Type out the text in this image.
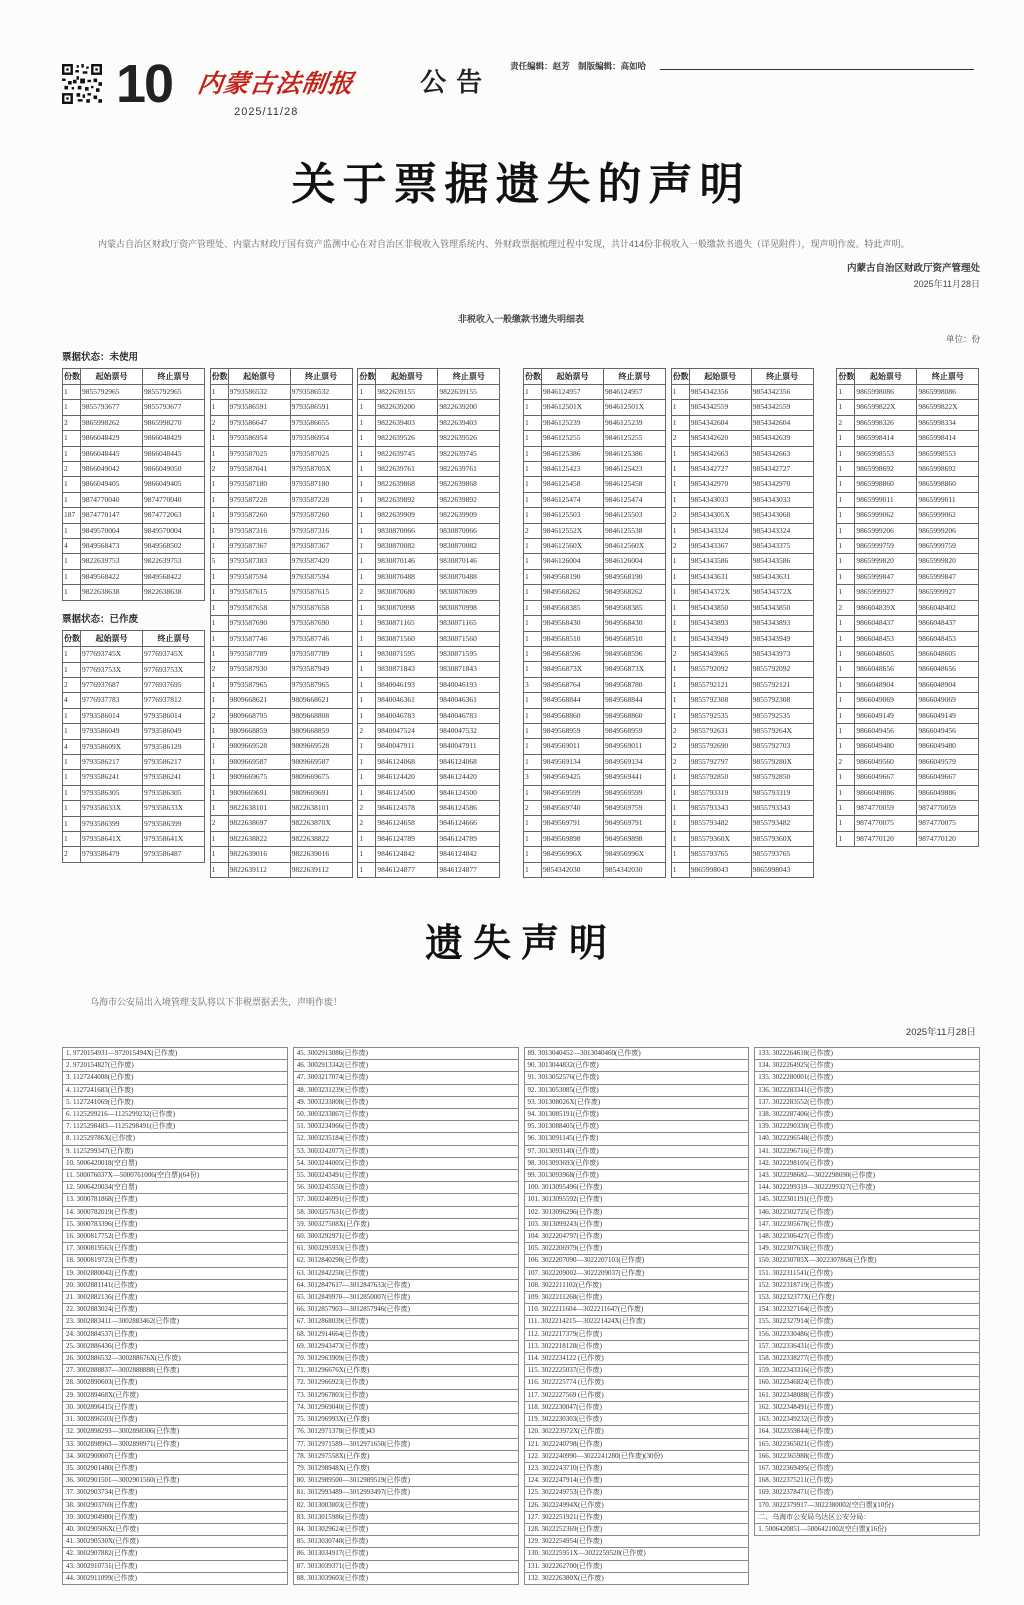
10 内蒙古法制报
2025/11/28
公告
责任编辑：赵芳　制版编辑：高如哈
关于票据遗失的声明
内蒙古自治区财政厅资产管理处、内蒙古财政厅国有资产监测中心在对自治区非税收入管理系统内、外财政票据梳理过程中发现，共计414份非税收入一般缴款书遗失（详见附件），现声明作废。特此声明。
内蒙古自治区财政厅资产管理处
2025年11月28日
非税收入一般缴款书遗失明细表
单位：份
票据状态：未使用
份数	起始票号	终止票号
1	9855792965	9855792965
1	9855793677	9855793677
2	9865998262	9865998270
1	9866048429	9866048429
1	9866048445	9866048445
2	9866049042	9866049050
1	9866049405	9866049405
1	9874770040	9874770040
187 9874770147	9874772063
1	9849570004	9849570004
4	9849568473	9849568502
1	9822639753	9822639753
1	9849568422	9849568422
1	9822638638	9822638638
票据状态：已作废
份数	起始票号	终止票号
1	977693745X	977693745X
1	977693753X	977693753X
2	9776937687	9776937695
4	9776937783	9776937812
1	9793586014	9793586014
1	9793586049	9793586049
4	979358609X	9793586129
1	9793586217	9793586217
1	9793586241	9793586241
1	9793586305	9793586305
1	979358633X	979358633X
1	9793586399	9793586399
1	979358641X	979358641X
2	9793586479	9793586487
份数	起始票号	终止票号
1	9793586532	9793586532
1	9793586591	9793586591
2	9793586647	9793586655
1	9793586954	9793586954
1	9793587025	9793587025
2	9793587041	979358705X
1	9793587180	9793587180
1	9793587228	9793587228
1	9793587260	9793587260
1	9793587316	9793587316
1	9793587367	9793587367
5	9793587383	9793587420
1	9793587594	9793587594
1	9793587615	9793587615
1	9793587658	9793587658
1	9793587690	9793587690
1	9793587746	9793587746
1	9793587789	9793587789
2	9793587930	9793587949
1	9793587965	9793587965
1	9809668621	9809668621
2	9809668795	9809668808
1	9809668859	9809668859
1	9809669528	9809669528
1	9809669587	9809669587
1	9809669675	9809669675
1	9809669691	9809669691
1	9822638101	9822638101
2	9822638697	982263870X
1	9822638822	9822638822
1	9822639016	9822639016
1	9822639112	9822639112
份数	起始票号	终止票号
1	9822639155	9822639155
1	9822639200	9822639200
1	9822639403	9822639403
1	9822639526	9822639526
1	9822639745	9822639745
1	9822639761	9822639761
1	9822639868	9822639868
1	9822639892	9822639892
1	9822639909	9822639909
1	9830870066	9830870066
1	9830870082	9830870082
1	9830870146	9830870146
1	9830870488	9830870488
2	9830870680	9830870699
1	9830870998	9830870998
1	9830871165	9830871165
1	9830871560	9830871560
1	9830871595	9830871595
1	9830871843	9830871843
1	9840046193	9840046193
1	9840046361	9840046361
1	9840046783	9840046783
2	9840047524	9840047532
1	9840047911	9840047911
1	9846124068	9846124068
1	9846124420	9846124420
1	9846124500	9846124500
2	9846124578	9846124586
2	9846124658	9846124666
1	9846124789	9846124789
1	9846124842	9846124842
1	9846124877	9846124877
份数	起始票号	终止票号
1	9846124957	9846124957
1	984612501X	984612501X
1	9846125239	9846125239
1	9846125255	9846125255
1	9846125386	9846125386
1	9846125423	9846125423
1	9846125458	9846125458
1	9846125474	9846125474
1	9846125503	9846125503
2	984612552X	9846125538
1	984612560X	984612560X
1	9846126004	9846126004
1	9849568190	9849568190
1	9849568262	9849568262
1	9849568385	9849568385
1	9849568430	9849568430
1	9849568510	9849568510
1	9849568596	9849568596
1	984956873X	984956873X
3	9849568764	9849568780
1	9849568844	9849568844
1	9849568860	9849568860
1	9849568959	9849568959
1	9849569011	9849569011
1	9849569134	9849569134
3	9849569425	9849569441
1	9849569599	9849569599
2	9849569740	9849569759
1	9849569791	9849569791
1	9849569898	9849569898
1	984956996X	984956996X
1	9854342030	9854342030
份数	起始票号	终止票号
1	9854342356	9854342356
1	9854342559	9854342559
1	9854342604	9854342604
2	9854342620	9854342639
1	9854342663	9854342663
1	9854342727	9854342727
1	9854342970	9854342970
1	9854343033	9854343033
2	985434305X	9854343068
1	9854343324	9854343324
2	9854343367	9854343375
1	9854343586	9854343586
1	9854343631	9854343631
1	985434372X	985434372X
1	9854343850	9854343850
1	9854343893	9854343893
1	9854343949	9854343949
2	9854343965	9854343973
1	9855792092	9855792092
1	9855792121	9855792121
1	9855792308	9855792308
1	9855792535	9855792535
2	9855792631	985579264X
2	9855792690	9855792703
2	9855792797	985579280X
1	9855792850	9855792850
1	9855793319	9855793319
1	9855793343	9855793343
1	9855793482	9855793482
1	985579360X	985579360X
1	9855793765	9855793765
1	9865998043	9865998043
份数	起始票号	终止票号
1	9865998086	9865998086
1	986599822X	986599822X
2	9865998326	9865998334
1	9865998414	9865998414
1	9865998553	9865998553
1	9865998692	9865998692
1	9865998860	9865998860
1	9865999011	9865999011
1	9865999062	9865999062
1	9865999206	9865999206
1	9865999759	9865999759
1	9865999820	9865999820
1	9865999847	9865999847
1	9865999927	9865999927
2	986604839X	9866048402
1	9866048437	9866048437
1	9866048453	9866048453
1	9866048605	9866048605
1	9866048656	9866048656
1	9866048904	9866048904
1	9866049069	9866049069
1	9866049149	9866049149
1	9866049456	9866049456
1	9866049480	9866049480
2	9866049560	9866049579
1	9866049667	9866049667
1	9866049886	9866049886
1	9874770059	9874770059
1	9874770075	9874770075
1	9874770120	9874770120
遗失声明
乌海市公安局出入境管理支队将以下非税票据丢失，声明作废！
2025年11月28日
1. 9720154931—972015494X(已作废)
2. 9720154827(已作废)
3. 1127244008(已作废)
4. 1127241683(已作废)
5. 1127241069(已作废)
6. 1125299216—1125299232(已作废)
7. 1125298483—1125298491(已作废)
8. 112529786X(已作废)
9. 1125299347(已作废)
10. 5006420018(空白票)
11. 500076037X—5000761006(空白票)(64份)
12. 5006420034(空白票)
13. 3000781868(已作废)
14. 3000782019(已作废)
15. 3000783396(已作废)
16. 3000817752(已作废)
17. 3000819563(已作废)
18. 3000819723(已作废)
19. 3002880042(已作废)
20. 3002881141(已作废)
21. 3002882136(已作废)
22. 3002883024(已作废)
23. 3002883411—3002883462(已作废)
24. 3002884537(已作废)
25. 3002886436(已作废)
26. 3002886532—300288676X(已作废)
27. 3002888837—3002888888(已作废)
28. 3002890603(已作废)
29. 300289468X(已作废)
30. 3002896415(已作废)
31. 3002896503(已作废)
32. 3002898293—3002898306(已作废)
33. 3002898963—3002898971(已作废)
34. 3002900007(已作废)
35. 3002901480(已作废)
36. 3002901501—3002901560(已作废)
37. 3002903734(已作废)
38. 3002903769(已作废)
39. 3002904980(已作废)
40. 300290506X(已作废)
41. 300290530X(已作废)
42. 3002907882(已作废)
43. 3002910731(已作废)
44. 3002911099(已作废)
45. 3002913086(已作废)
46. 3002913342(已作废)
47. 3003217074(已作废)
48. 3003231239(已作废)
49. 3003233808(已作废)
50. 3003233867(已作废)
51. 3003234966(已作废)
52. 3003235184(已作废)
53. 3003242077(已作废)
54. 3003244005(已作废)
55. 3003243491(已作废)
56. 3003245550(已作废)
57. 3003246991(已作废)
58. 3003257631(已作废)
59. 300327508X(已作废)
60. 3003292971(已作废)
61. 3003295953(已作废)
62. 3012840298(已作废)
63. 3012842250(已作废)
64. 3012847617—3012847633(已作废)
65. 3012849970—3012850007(已作废)
66. 3012857903—3012857946(已作废)
67. 3012868039(已作废)
68. 3012914664(已作废)
69. 3012943473(已作废)
70. 3012963909(已作废)
71. 301296676X(已作废)
72. 3012966923(已作废)
73. 3012967803(已作废)
74. 3012969040(已作废)
75. 301296993X(已作废)
76. 3012971378(已作废)43
77. 3012971589—3012971650(已作废)
78. 301297558X(已作废)
79. 301298948X(已作废)
80. 3012989500—3012989519(已作废)
81. 3012993489—3012993497(已作废)
82. 3013003803(已作废)
83. 3013015986(已作废)
84. 3013029624(已作废)
85. 3013030748(已作废)
86. 3013034917(已作废)
87. 3013039371(已作废)
88. 3013039603(已作废)
89. 3013040452—3013040460(已作废)
90. 3013044832(已作废)
91. 3013052576(已作废)
92. 3013053085(已作废)
93. 301308026X(已作废)
94. 3013085191(已作废)
95. 3013088405(已作废)
96. 3013091145(已作废)
97. 3013093140(已作废)
98. 3013093693(已作废)
99. 3013093968(已作废)
100. 3013095496(已作废)
101. 3013095592(已作废)
102. 3013096296(已作废)
103. 3013099243(已作废)
104. 3022204797(已作废)
105. 3022206979(已作废)
106. 3022207090—3022207103(已作废)
107. 3022209002—3022209037(已作废)
108. 3022211102(已作废)
109. 3022211268(已作废)
110. 3022211604—3022211647(已作废)
111. 3022214215—302221424X(已作废)
112. 3022217379(已作废)
113. 3022218128(已作废)
114. 3022234122 (已作废)
115. 3022225037(已作废)
116. 3022225774 (已作废)
117. 3022227569 (已作废)
118. 3022230047(已作废)
119. 3022230303(已作废)
120. 302223972X(已作废)
121. 3022240798(已作废)
122. 3022240990—3022241280(已作废)(30份)
123. 3022243710(已作废)
124. 3022247914(已作废)
125. 3022249753(已作废)
126. 302224994X(已作废)
127. 3022251921(已作废)
128. 3022252369(已作废)
129. 3022254954(已作废)
130. 302225951X—3022259528(已作废)
131. 3022262700(已作废)
132. 302226380X(已作废)
133. 3022264618(已作废)
134. 3022264925(已作废)
135. 3022280001(已作废)
136. 3022283341(已作废)
137. 3022283552(已作废)
138. 3022287406(已作废)
139. 3022290330(已作废)
140. 3022296548(已作废)
141. 3022296716(已作废)
142. 3022298105(已作废)
143. 3022298682—3022298690(已作废)
144. 3022299319—3022299327(已作废)
145. 3022301191(已作废)
146. 3022302725(已作废)
147. 3022305678(已作废)
148. 3022306427(已作废)
149. 3022307630(已作废)
150. 302230785X—3022307868(已作废)
151. 3022311541(已作废)
152. 3022318719(已作废)
153. 302232377X(已作废)
154. 3022327164(已作废)
155. 3022327914(已作废)
156. 3022330486(已作废)
157. 3022336431(已作废)
158. 3022338277(已作废)
159. 3022343316(已作废)
160. 3022346824(已作废)
161. 3022348088(已作废)
162. 3022348491(已作废)
163. 3022349232(已作废)
164. 3022359844(已作废)
165. 3022365021(已作废)
166. 3022365988(已作废)
167. 3022369495(已作废)
168. 3022375211(已作废)
169. 3022378471(已作废)
170. 3022379917—3022380002(空白票)(10份)
二、乌海市公安局乌达区公安分局：
1. 5006420851—5006421002(空白票)(16份)
